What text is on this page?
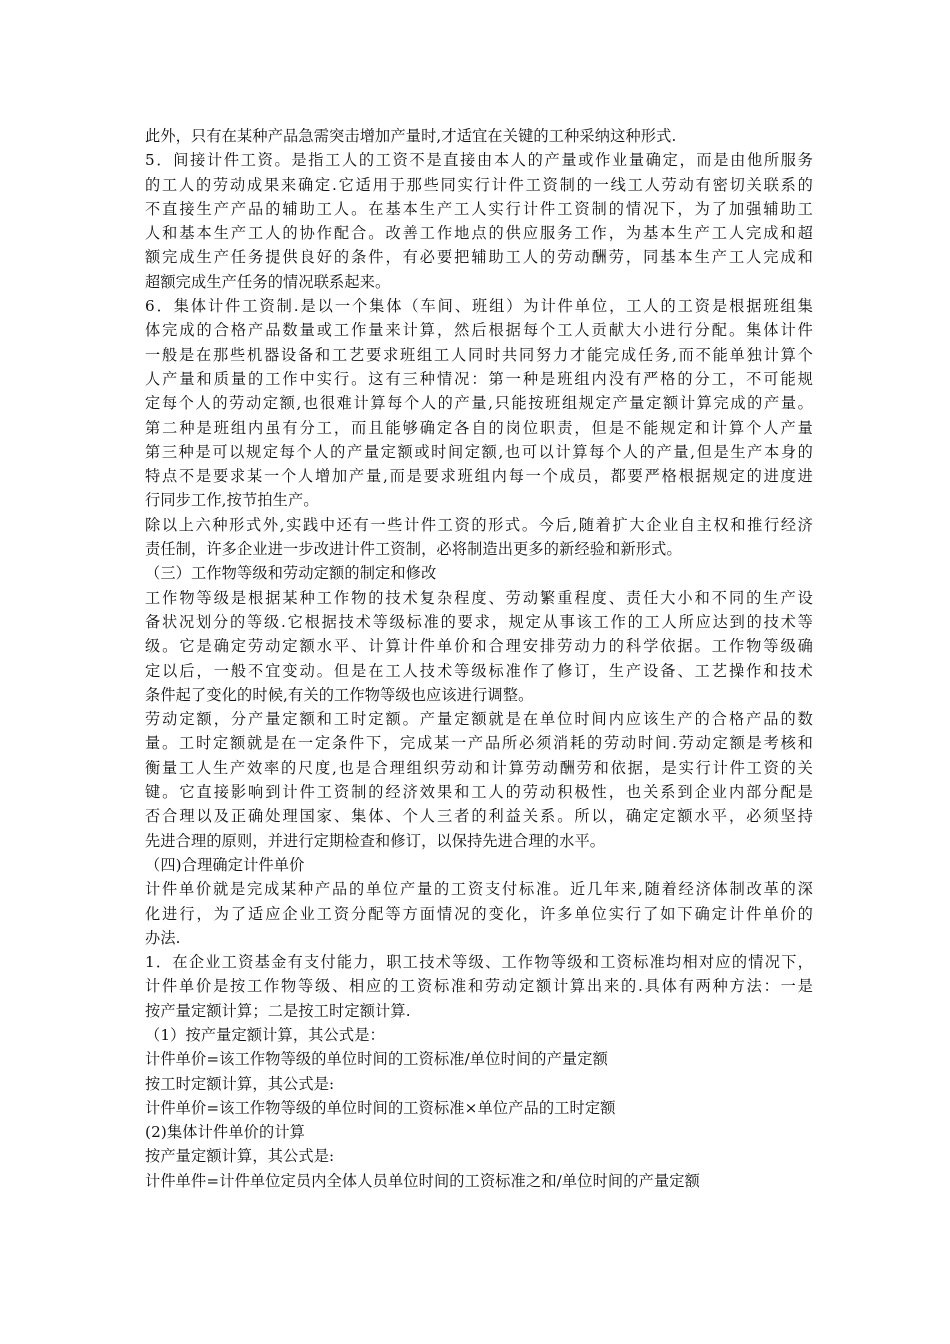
此外，只有在某种产品急需突击增加产量时,才适宜在关键的工种采纳这种形式.
5．间接计件工资。是指工人的工资不是直接由本人的产量或作业量确定，而是由他所服务
的工人的劳动成果来确定.它适用于那些同实行计件工资制的一线工人劳动有密切关联系的
不直接生产产品的辅助工人。在基本生产工人实行计件工资制的情况下，为了加强辅助工
人和基本生产工人的协作配合。改善工作地点的供应服务工作，为基本生产工人完成和超
额完成生产任务提供良好的条件，有必要把辅助工人的劳动酬劳，同基本生产工人完成和
超额完成生产任务的情况联系起来。
6．集体计件工资制.是以一个集体（车间、班组）为计件单位，工人的工资是根据班组集
体完成的合格产品数量或工作量来计算，然后根据每个工人贡献大小进行分配。集体计件
一般是在那些机器设备和工艺要求班组工人同时共同努力才能完成任务,而不能单独计算个
人产量和质量的工作中实行。这有三种情况：第一种是班组内没有严格的分工，不可能规
定每个人的劳动定额,也很难计算每个人的产量,只能按班组规定产量定额计算完成的产量。
第二种是班组内虽有分工，而且能够确定各自的岗位职责，但是不能规定和计算个人产量
第三种是可以规定每个人的产量定额或时间定额,也可以计算每个人的产量,但是生产本身的
特点不是要求某一个人增加产量,而是要求班组内每一个成员，都要严格根据规定的进度进
行同步工作,按节拍生产。
除以上六种形式外,实践中还有一些计件工资的形式。今后,随着扩大企业自主权和推行经济
责任制，许多企业进一步改进计件工资制，必将制造出更多的新经验和新形式。
（三）工作物等级和劳动定额的制定和修改
工作物等级是根据某种工作物的技术复杂程度、劳动繁重程度、责任大小和不同的生产设
备状况划分的等级.它根据技术等级标准的要求，规定从事该工作的工人所应达到的技术等
级。它是确定劳动定额水平、计算计件单价和合理安排劳动力的科学依据。工作物等级确
定以后，一般不宜变动。但是在工人技术等级标准作了修订，生产设备、工艺操作和技术
条件起了变化的时候,有关的工作物等级也应该进行调整。
劳动定额，分产量定额和工时定额。产量定额就是在单位时间内应该生产的合格产品的数
量。工时定额就是在一定条件下，完成某一产品所必须消耗的劳动时间.劳动定额是考核和
衡量工人生产效率的尺度,也是合理组织劳动和计算劳动酬劳和依据，是实行计件工资的关
键。它直接影响到计件工资制的经济效果和工人的劳动积极性，也关系到企业内部分配是
否合理以及正确处理国家、集体、个人三者的利益关系。所以，确定定额水平，必须坚持
先进合理的原则，并进行定期检查和修订，以保持先进合理的水平。
（四)合理确定计件单价
计件单价就是完成某种产品的单位产量的工资支付标准。近几年来,随着经济体制改革的深
化进行，为了适应企业工资分配等方面情况的变化，许多单位实行了如下确定计件单价的
办法.
1．在企业工资基金有支付能力，职工技术等级、工作物等级和工资标准均相对应的情况下，
计件单价是按工作物等级、相应的工资标准和劳动定额计算出来的.具体有两种方法：一是
按产量定额计算；二是按工时定额计算.
（1）按产量定额计算，其公式是：
计件单价=该工作物等级的单位时间的工资标准/单位时间的产量定额
按工时定额计算，其公式是:
计件单价=该工作物等级的单位时间的工资标准×单位产品的工时定额
(2)集体计件单价的计算
按产量定额计算，其公式是:
计件单件=计件单位定员内全体人员单位时间的工资标准之和/单位时间的产量定额
